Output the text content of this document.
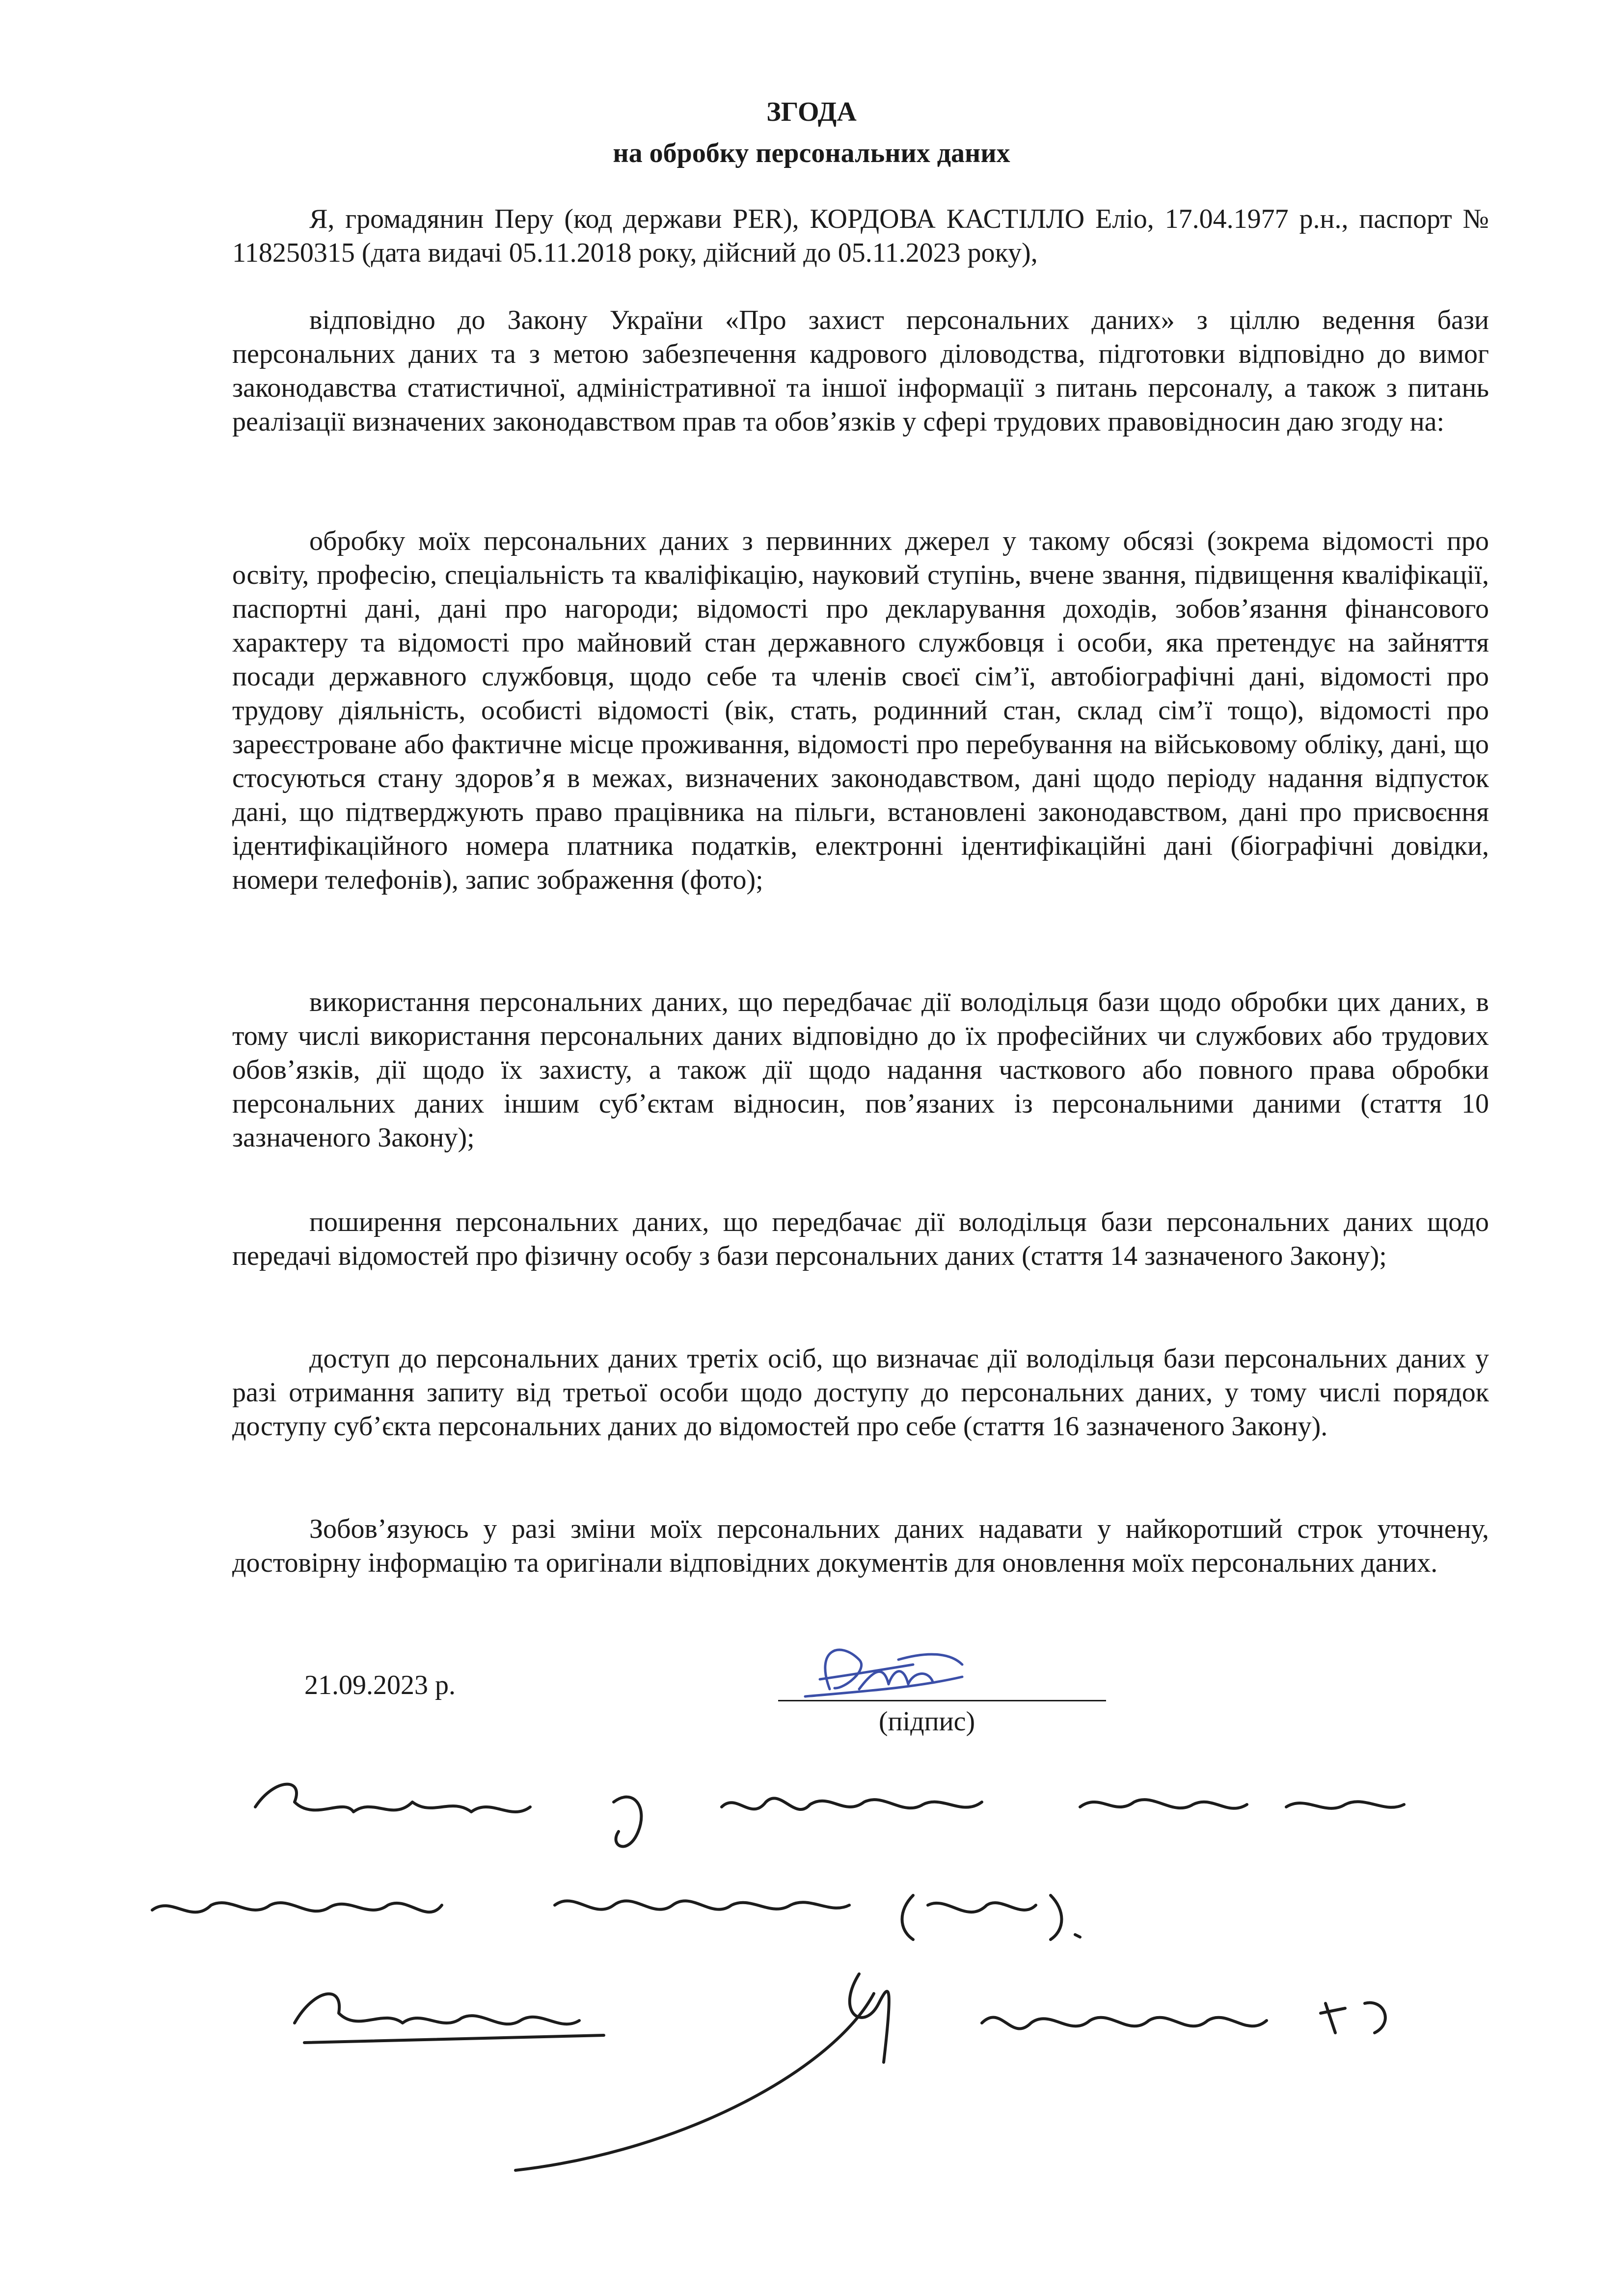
ЗГОДА
на обробку персональних даних

Я, громадянин Перу (код держави PER), КОРДОВА КАСТІЛЛО Еліо, 17.04.1977 р.н., паспорт № 118250315 (дата видачі 05.11.2018 року, дійсний до 05.11.2023 року),

відповідно до Закону України «Про захист персональних даних» з ціллю ведення бази персональних даних та з метою забезпечення кадрового діловодства, підготовки відповідно до вимог законодавства статистичної, адміністративної та іншої інформації з питань персоналу, а також з питань реалізації визначених законодавством прав та обов’язків у сфері трудових правовідносин даю згоду на:

обробку моїх персональних даних з первинних джерел у такому обсязі (зокрема відомості про освіту, професію, спеціальність та кваліфікацію, науковий ступінь, вчене звання, підвищення кваліфікації, паспортні дані, дані про нагороди; відомості про декларування доходів, зобов’язання фінансового характеру та відомості про майновий стан державного службовця і особи, яка претендує на зайняття посади державного службовця, щодо себе та членів своєї сім’ї, автобіографічні дані, відомості про трудову діяльність, особисті відомості (вік, стать, родинний стан, склад сім’ї тощо), відомості про зареєстроване або фактичне місце проживання, відомості про перебування на військовому обліку, дані, що стосуються стану здоров’я в межах, визначених законодавством, дані щодо періоду надання відпусток дані, що підтверджують право працівника на пільги, встановлені законодавством, дані про присвоєння ідентифікаційного номера платника податків, електронні ідентифікаційні дані (біографічні довідки, номери телефонів), запис зображення (фото);

використання персональних даних, що передбачає дії володільця бази щодо обробки цих даних, в тому числі використання персональних даних відповідно до їх професійних чи службових або трудових обов’язків, дії щодо їх захисту, а також дії щодо надання часткового або повного права обробки персональних даних іншим суб’єктам відносин, пов’язаних із персональними даними (стаття 10 зазначеного Закону);

поширення персональних даних, що передбачає дії володільця бази персональних даних щодо передачі відомостей про фізичну особу з бази персональних даних (стаття 14 зазначеного Закону);

доступ до персональних даних третіх осіб, що визначає дії володільця бази персональних даних у разі отримання запиту від третьої особи щодо доступу до персональних даних, у тому числі порядок доступу суб’єкта персональних даних до відомостей про себе (стаття 16 зазначеного Закону).

Зобов’язуюсь у разі зміни моїх персональних даних надавати у найкоротший строк уточнену, достовірну інформацію та оригінали відповідних документів для оновлення моїх персональних даних.

21.09.2023 р.

(підпис)
